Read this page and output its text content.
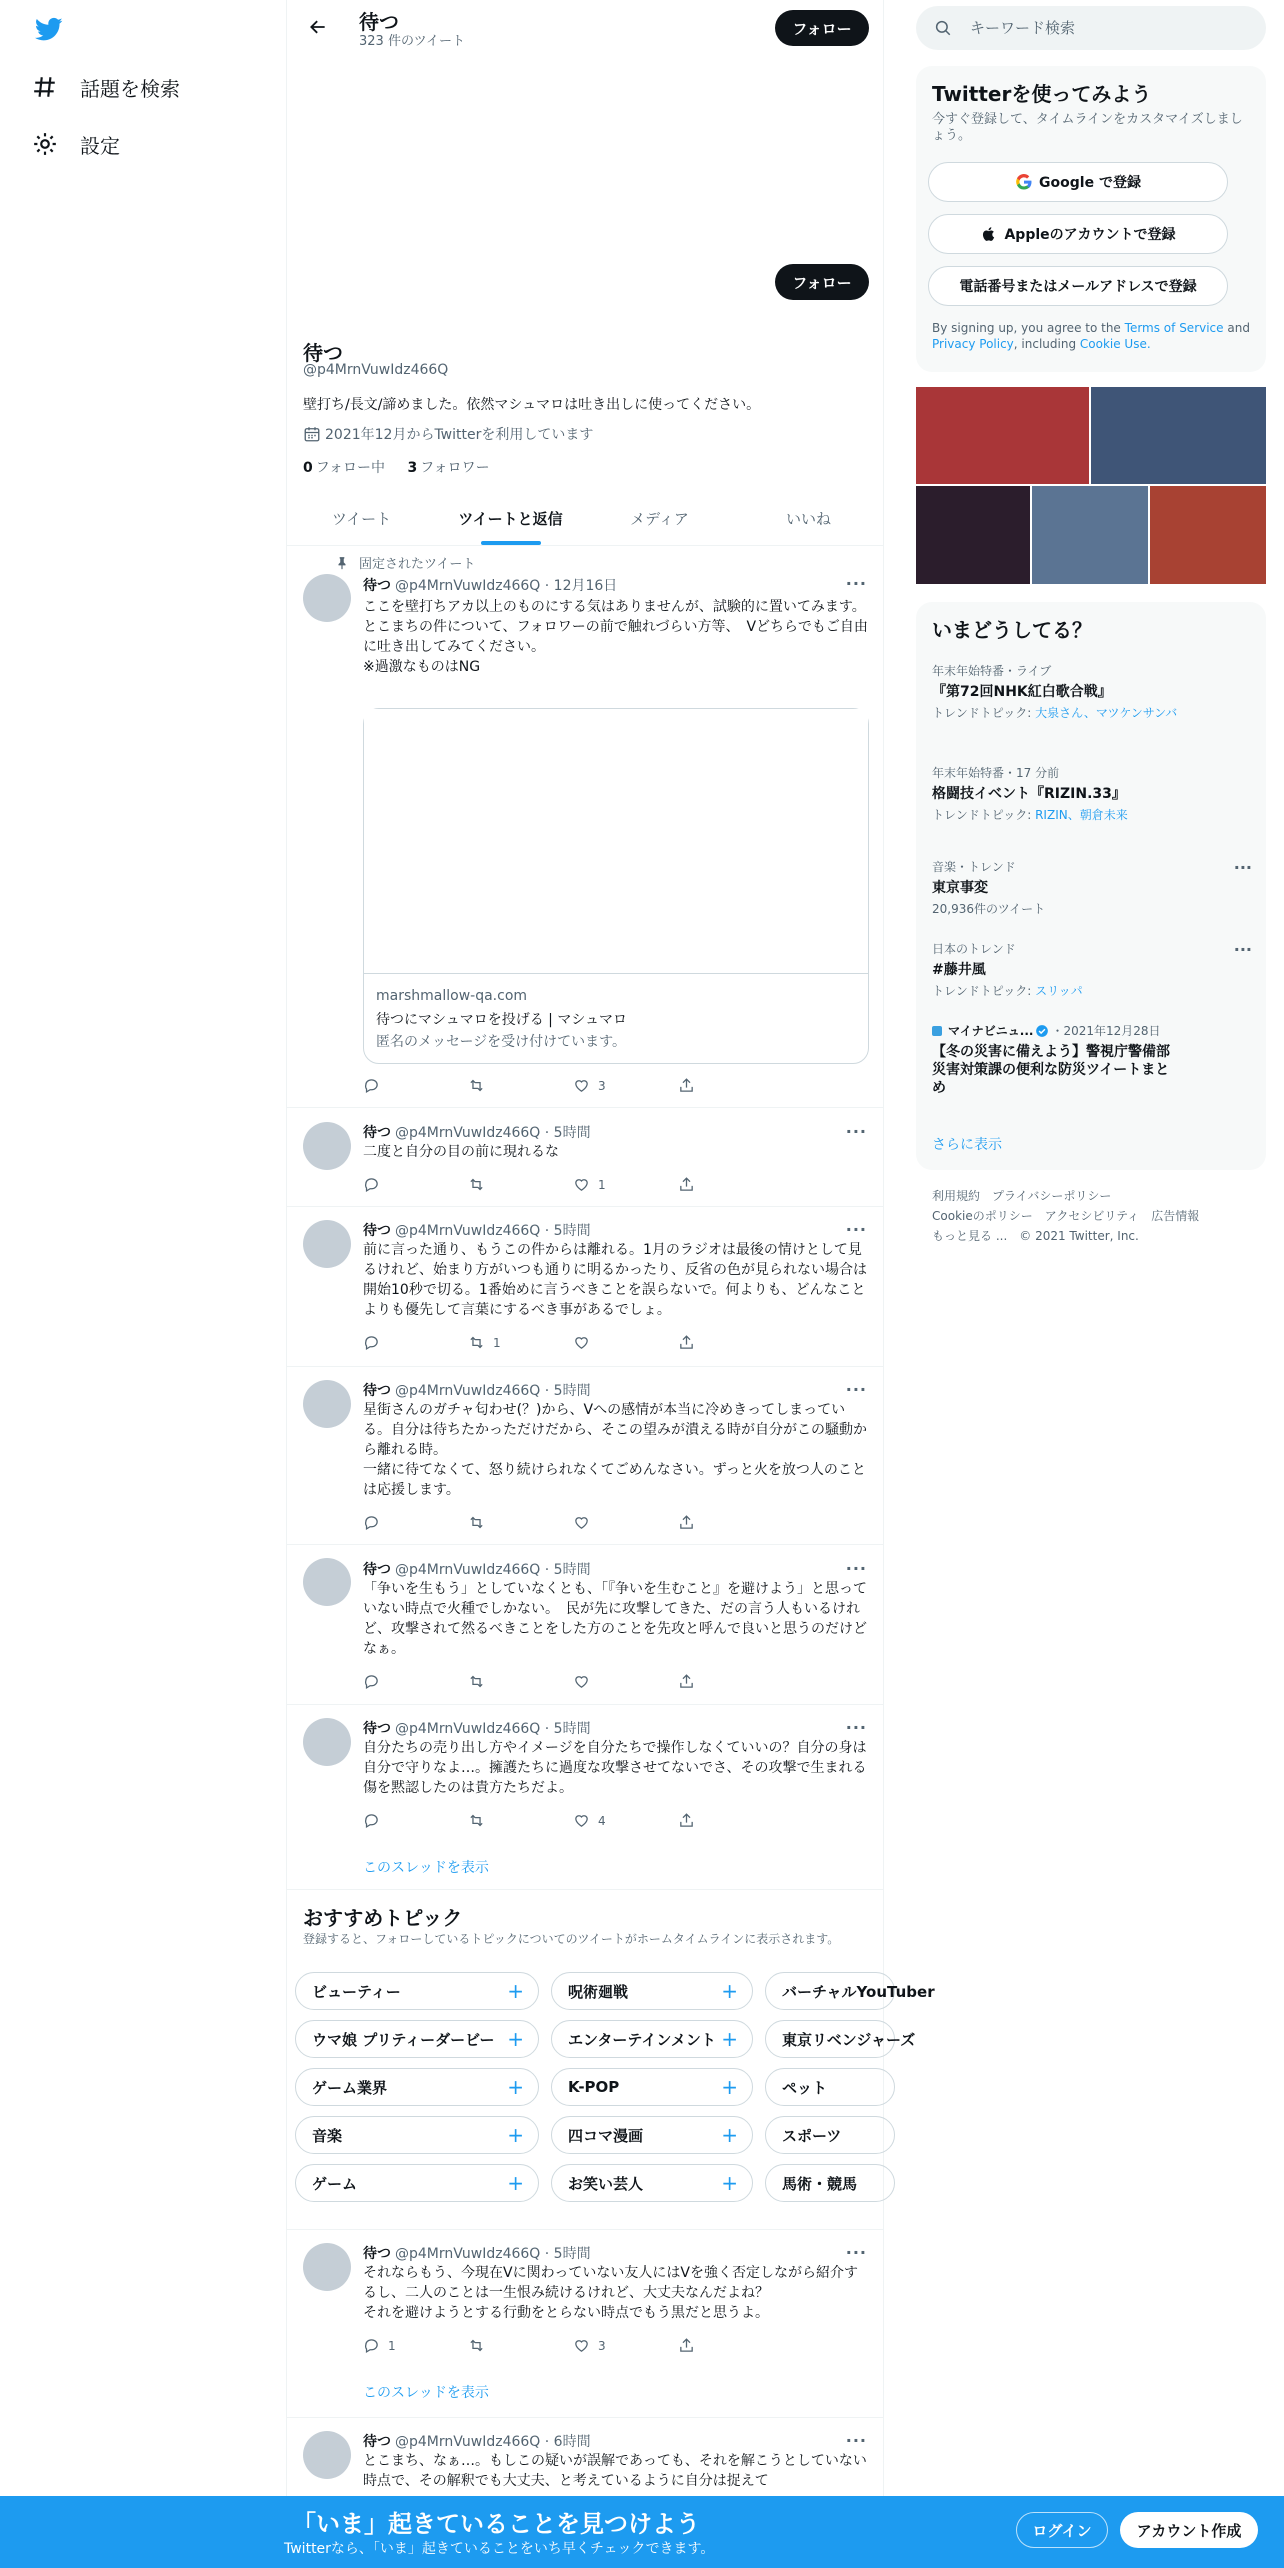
話題を検索
設定
待つ
323 件のツイート
フォロー
フォロー
待つ
@p4MrnVuwIdz466Q
壁打ち/長文/諦めました。依然マシュマロは吐き出しに使ってください。
2021年12月からTwitterを利用しています
0 フォロー中 3 フォロワー
ツイート	ツイートと返信	メディア	いいね
固定されたツイート
待つ @p4MrnVuwIdz466Q · 12月16日	···
ここを壁打ちアカ以上のものにする気はありませんが、試験的に置いてみます。
とこまちの件について、フォロワーの前で触れづらい方等、　Vどちらでもご自由に吐き出してみてください。
※過激なものはNG
marshmallow-qa.com
待つにマシュマロを投げる | マシュマロ
匿名のメッセージを受け付けています。
3
待つ @p4MrnVuwIdz466Q · 5時間	···
二度と自分の目の前に現れるな
1
待つ @p4MrnVuwIdz466Q · 5時間	···
前に言った通り、もうこの件からは離れる。1月のラジオは最後の情けとして見るけれど、始まり方がいつも通りに明るかったり、反省の色が見られない場合は開始10秒で切る。1番始めに言うべきことを誤らないで。何よりも、どんなことよりも優先して言葉にするべき事があるでしょ。
1
待つ @p4MrnVuwIdz466Q · 5時間	···
星街さんのガチャ匂わせ(？)から、Vへの感情が本当に冷めきってしまっている。自分は待ちたかっただけだから、そこの望みが潰える時が自分がこの騒動から離れる時。
一緒に待てなくて、怒り続けられなくてごめんなさい。ずっと火を放つ人のことは応援します。
待つ @p4MrnVuwIdz466Q · 5時間	···
「争いを生もう」としていなくとも、「『争いを生むこと』を避けよう」と思っていない時点で火種でしかない。　民が先に攻撃してきた、だの言う人もいるけれど、攻撃されて然るべきことをした方のことを先攻と呼んで良いと思うのだけどなぁ。
待つ @p4MrnVuwIdz466Q · 5時間	···
自分たちの売り出し方やイメージを自分たちで操作しなくていいの？自分の身は自分で守りなよ…。擁護たちに過度な攻撃させてないでさ、その攻撃で生まれる傷を黙認したのは貴方たちだよ。
4
このスレッドを表示
おすすめトピック
登録すると、フォローしているトピックについてのツイートがホームタイムラインに表示されます。
ビューティー	+	呪術廻戦	+	バーチャルYouTuber
ウマ娘 プリティーダービー +	エンターテインメント +	東京リベンジャーズ
ゲーム業界	+	K-POP	+	ペット
音楽	+	四コマ漫画	+	スポーツ
ゲーム	+	お笑い芸人	+	馬術・競馬
待つ @p4MrnVuwIdz466Q · 5時間	···
それならもう、今現在Vに関わっていない友人にはVを強く否定しながら紹介するし、二人のことは一生恨み続けるけれど、大丈夫なんだよね？
それを避けようとする行動をとらない時点でもう黒だと思うよ。
1	3
このスレッドを表示
待つ @p4MrnVuwIdz466Q · 6時間	···
とこまち、なぁ…。もしこの疑いが誤解であっても、それを解こうとしていない時点で、その解釈でも大丈夫、と考えているように自分は捉えて
キーワード検索
Twitterを使ってみよう
今すぐ登録して、タイムラインをカスタマイズしましょう。
Google で登録
Appleのアカウントで登録
電話番号またはメールアドレスで登録
By signing up, you agree to the Terms of Service and Privacy Policy, including Cookie Use.
いまどうしてる？
年末年始特番・ライブ
『第72回NHK紅白歌合戦』
トレンドトピック: 大泉さん、マツケンサンバ
年末年始特番・17 分前
格闘技イベント『RIZIN.33』
トレンドトピック: RIZIN、朝倉未来
音楽・トレンド
東京事変
20,936件のツイート
···
日本のトレンド
#藤井風
トレンドトピック: スリッパ
···
マイナビニュ... ・2021年12月28日
【冬の災害に備えよう】警視庁警備部災害対策課の便利な防災ツイートまとめ
さらに表示
利用規約 プライバシーポリシー
Cookieのポリシー アクセシビリティ 広告情報
もっと見る ... © 2021 Twitter, Inc.
「いま」起きていることを見つけよう
Twitterなら、「いま」起きていることをいち早くチェックできます。
ログイン	アカウント作成
